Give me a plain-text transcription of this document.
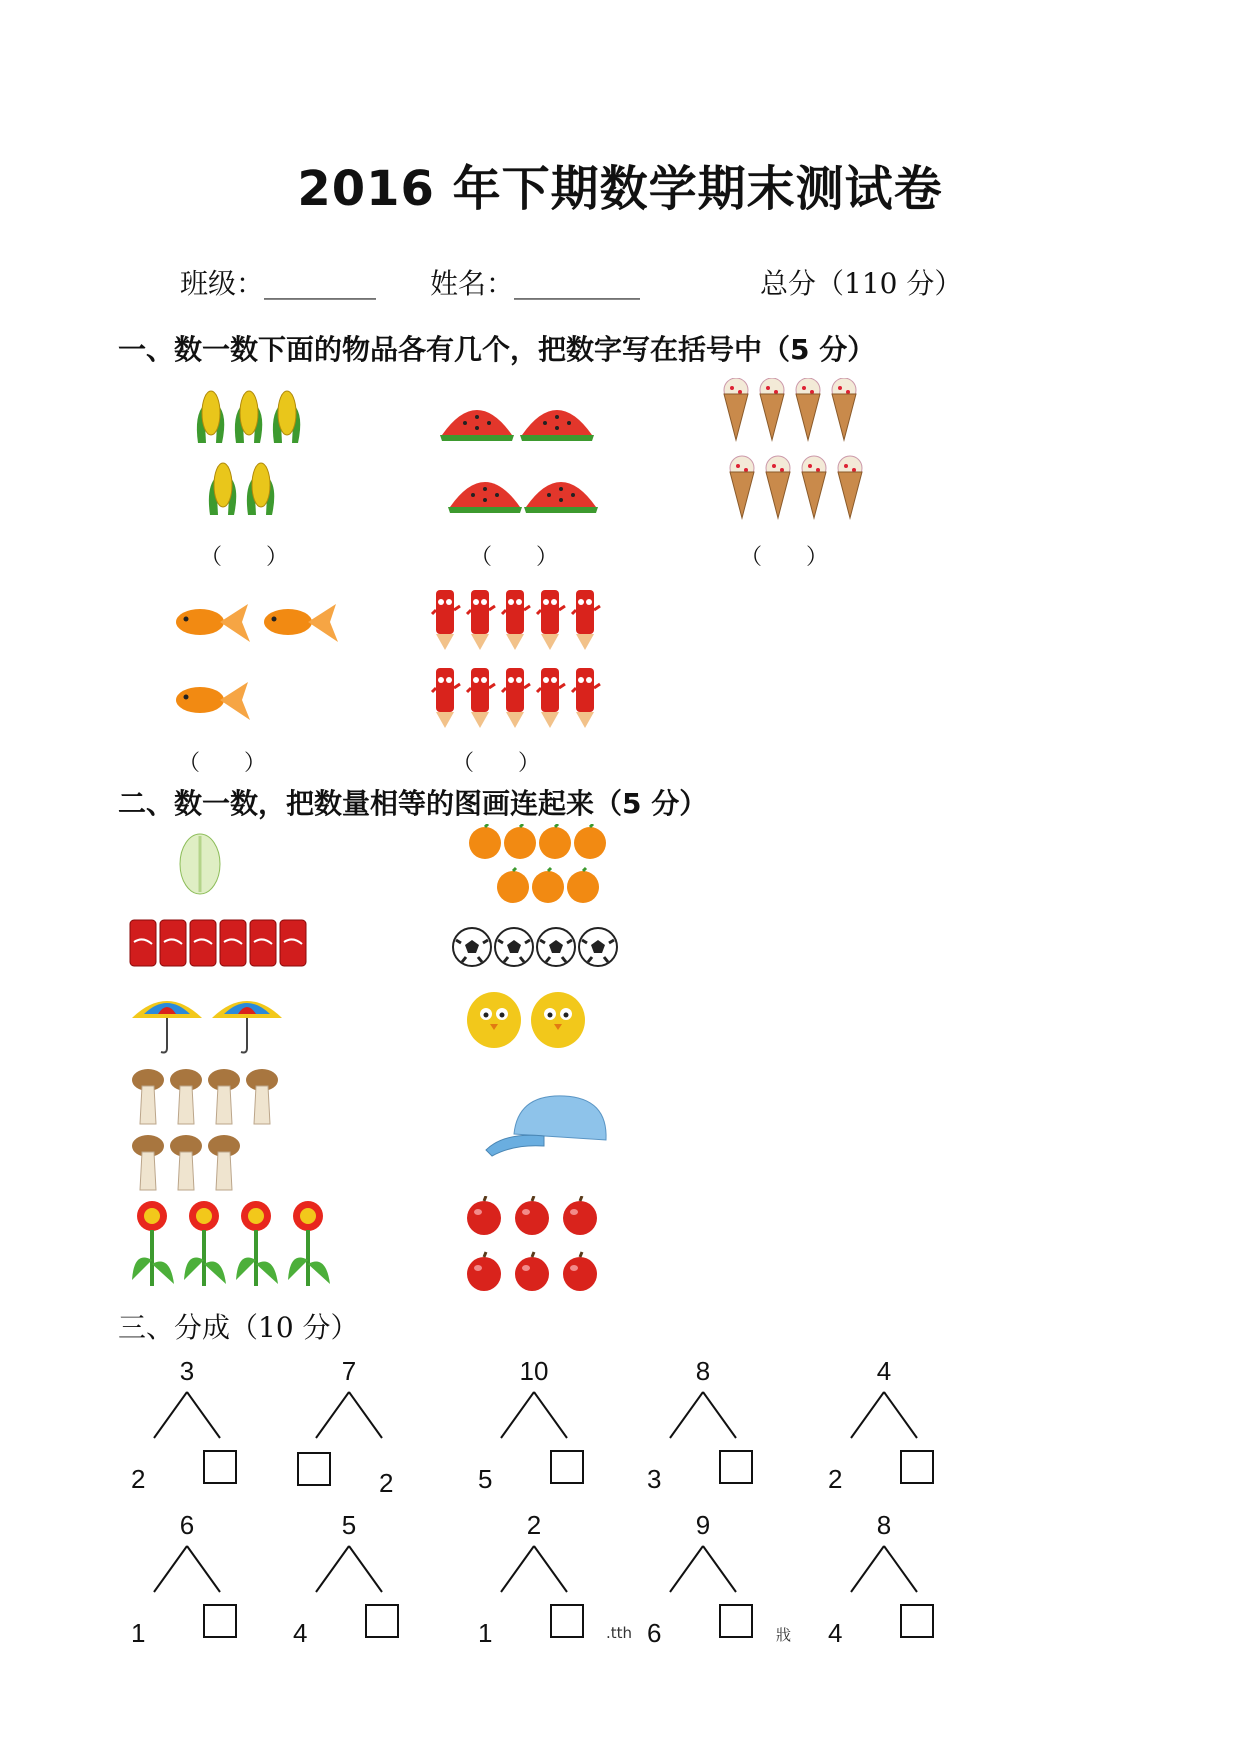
2016 年下期数学期末测试卷
班级：________ 姓名：_________	总分（110 分）
一、数一数下面的物品各有几个，把数字写在括号中（5 分）
（　　）	（　　）	（　　）
（　　）	（　　）
二、数一数，把数量相等的图画连起来（5 分）
三、分成（10 分）
3
2
7
2
10
5
8
3
4
2
6
1
5
4
2
1
9
6
8
4
.tth	戕
